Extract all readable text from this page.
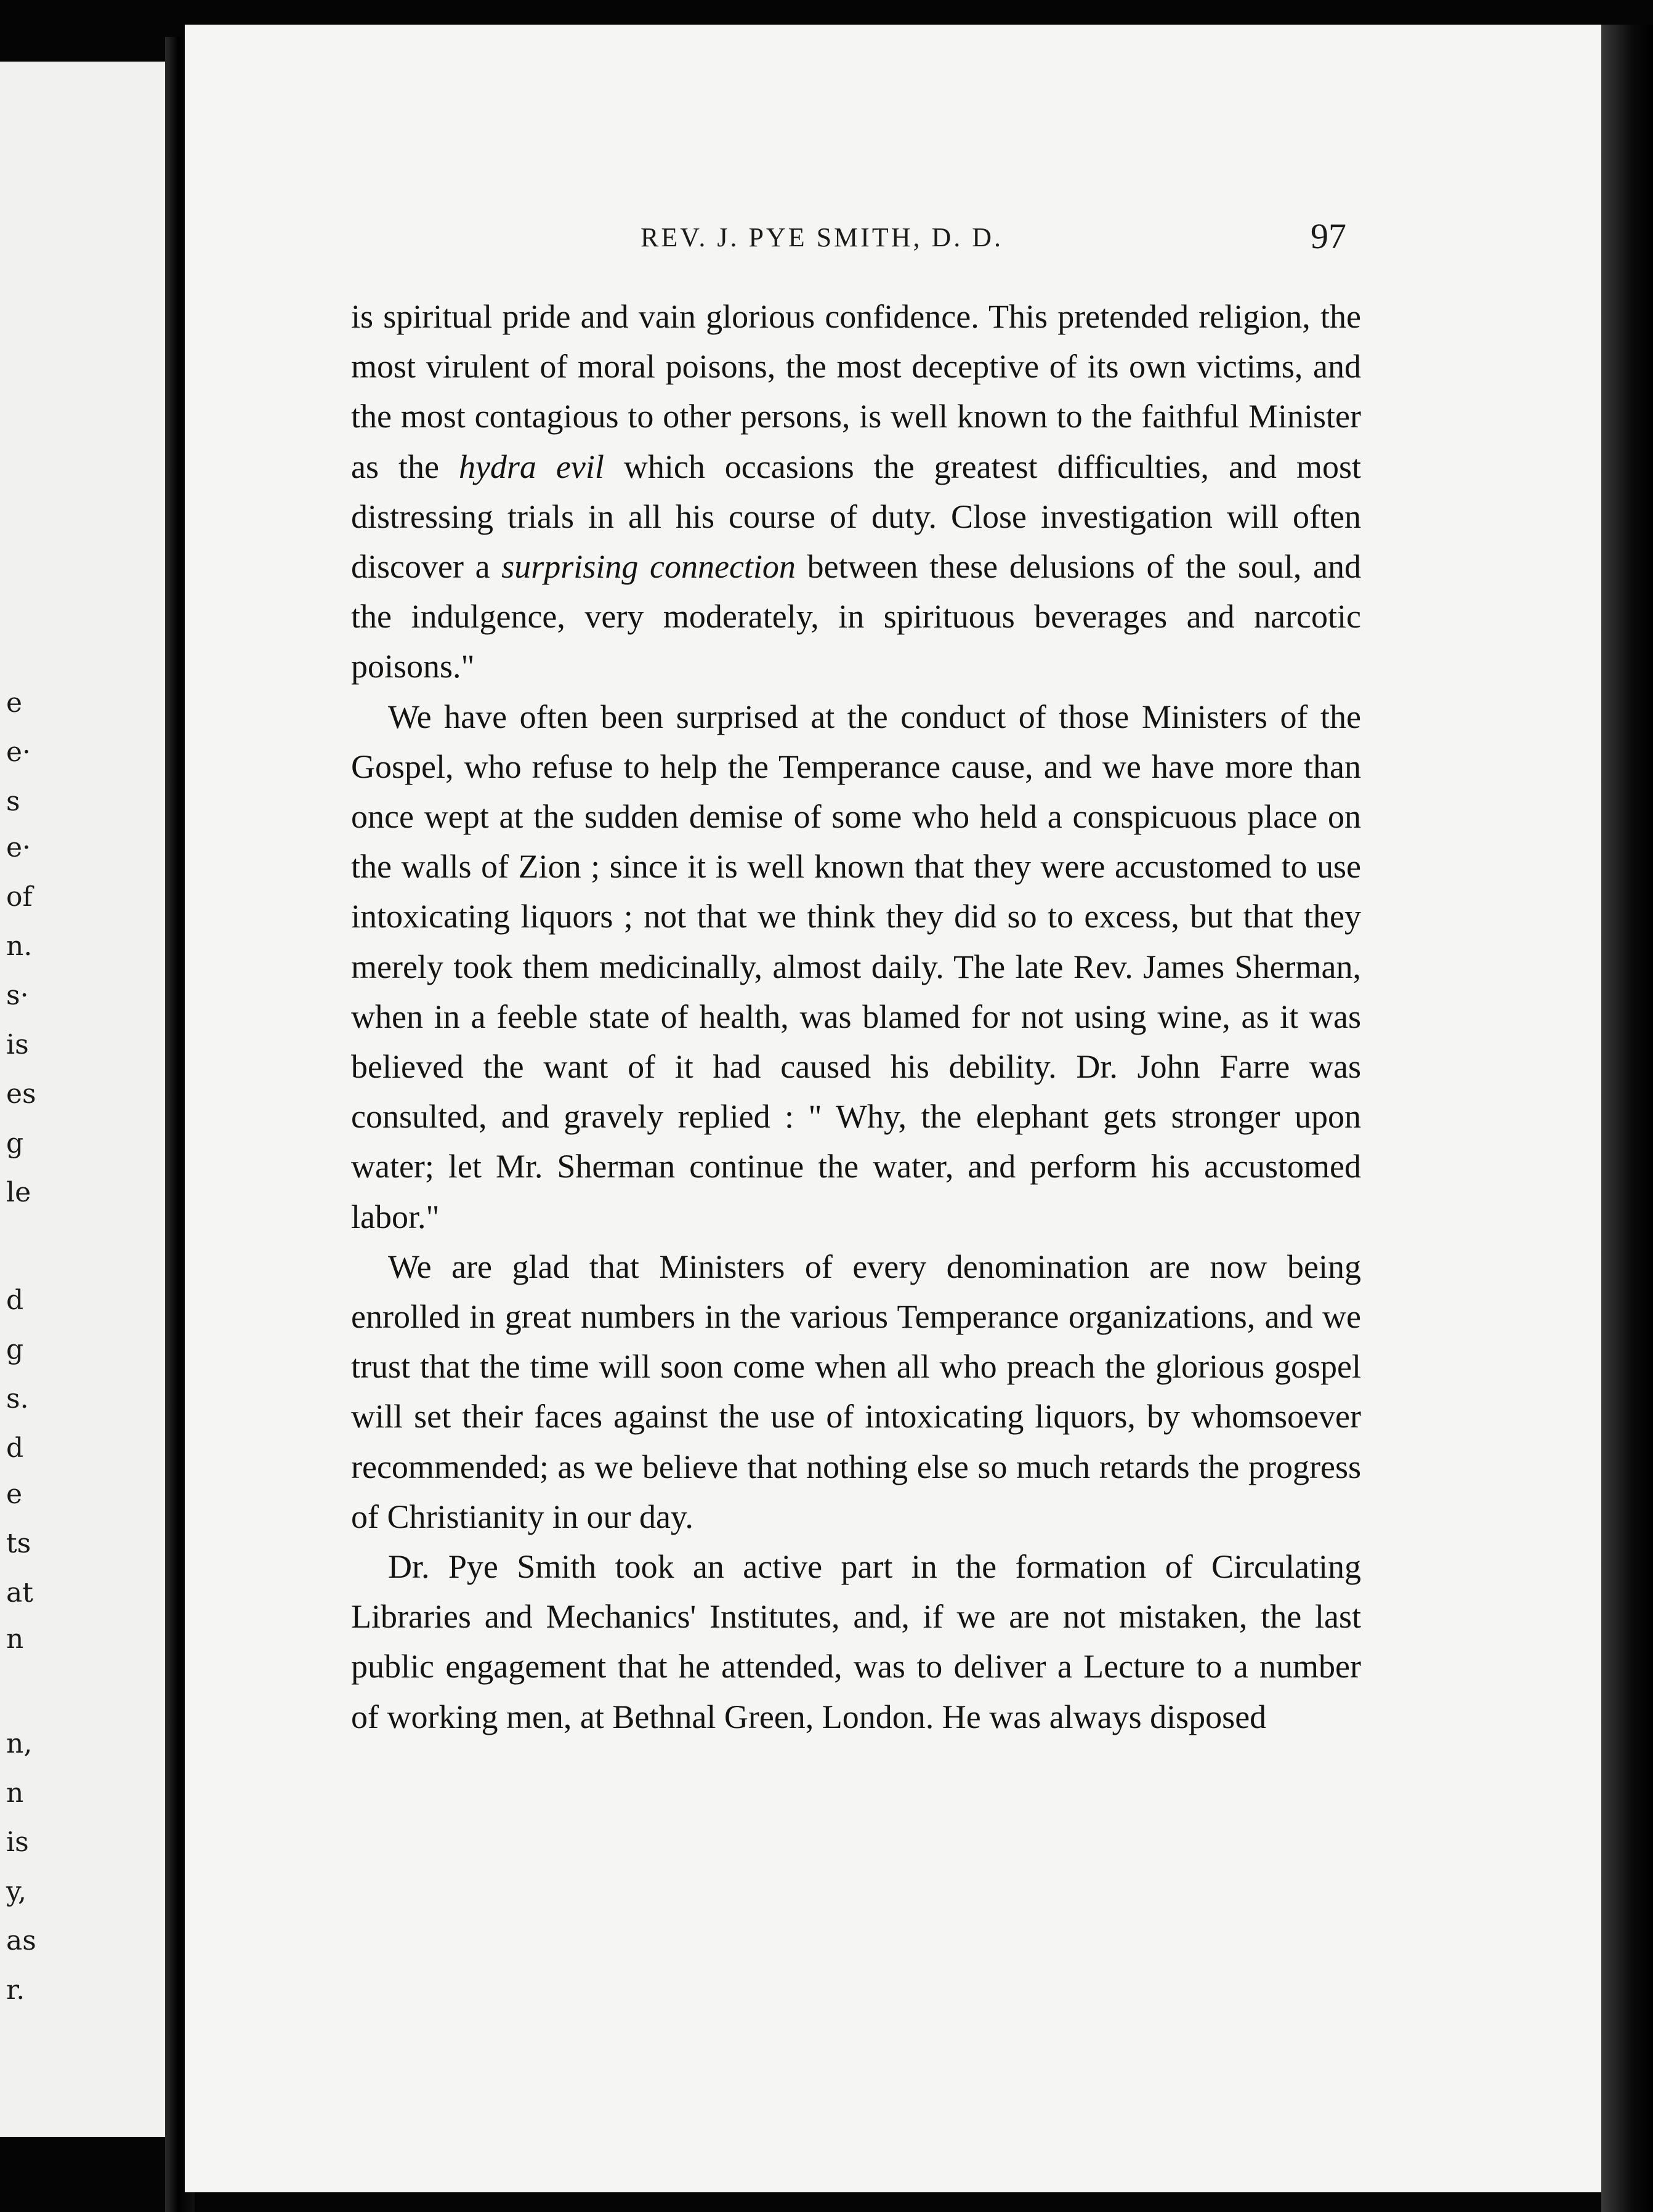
e
e·
s
e·
of
n.
s·
is
es
g
le
d
g
s.
d
e
ts
at
n
n,
n
is
y,
as
r.
REV. J. PYE SMITH, D. D.	97

is spiritual pride and vain glorious confidence. This pretended religion, the most virulent of moral poisons, the most deceptive of its own victims, and the most contagious to other persons, is well known to the faithful Minister as the hydra evil which occasions the greatest difficulties, and most distressing trials in all his course of duty. Close investigation will often discover a surprising connection between these delusions of the soul, and the indulgence, very moderately, in spirituous beverages and narcotic poisons."

We have often been surprised at the conduct of those Ministers of the Gospel, who refuse to help the Temperance cause, and we have more than once wept at the sudden demise of some who held a conspicuous place on the walls of Zion ; since it is well known that they were accustomed to use intoxicating liquors ; not that we think they did so to excess, but that they merely took them medicinally, almost daily. The late Rev. James Sherman, when in a feeble state of health, was blamed for not using wine, as it was believed the want of it had caused his debility. Dr. John Farre was consulted, and gravely replied : " Why, the elephant gets stronger upon water; let Mr. Sherman continue the water, and perform his accustomed labor."

We are glad that Ministers of every denomination are now being enrolled in great numbers in the various Temperance organizations, and we trust that the time will soon come when all who preach the glorious gospel will set their faces against the use of intoxicating liquors, by whomsoever recommended; as we believe that nothing else so much retards the progress of Christianity in our day.

Dr. Pye Smith took an active part in the formation of Circulating Libraries and Mechanics' Institutes, and, if we are not mistaken, the last public engagement that he attended, was to deliver a Lecture to a number of working men, at Bethnal Green, London. He was always disposed
